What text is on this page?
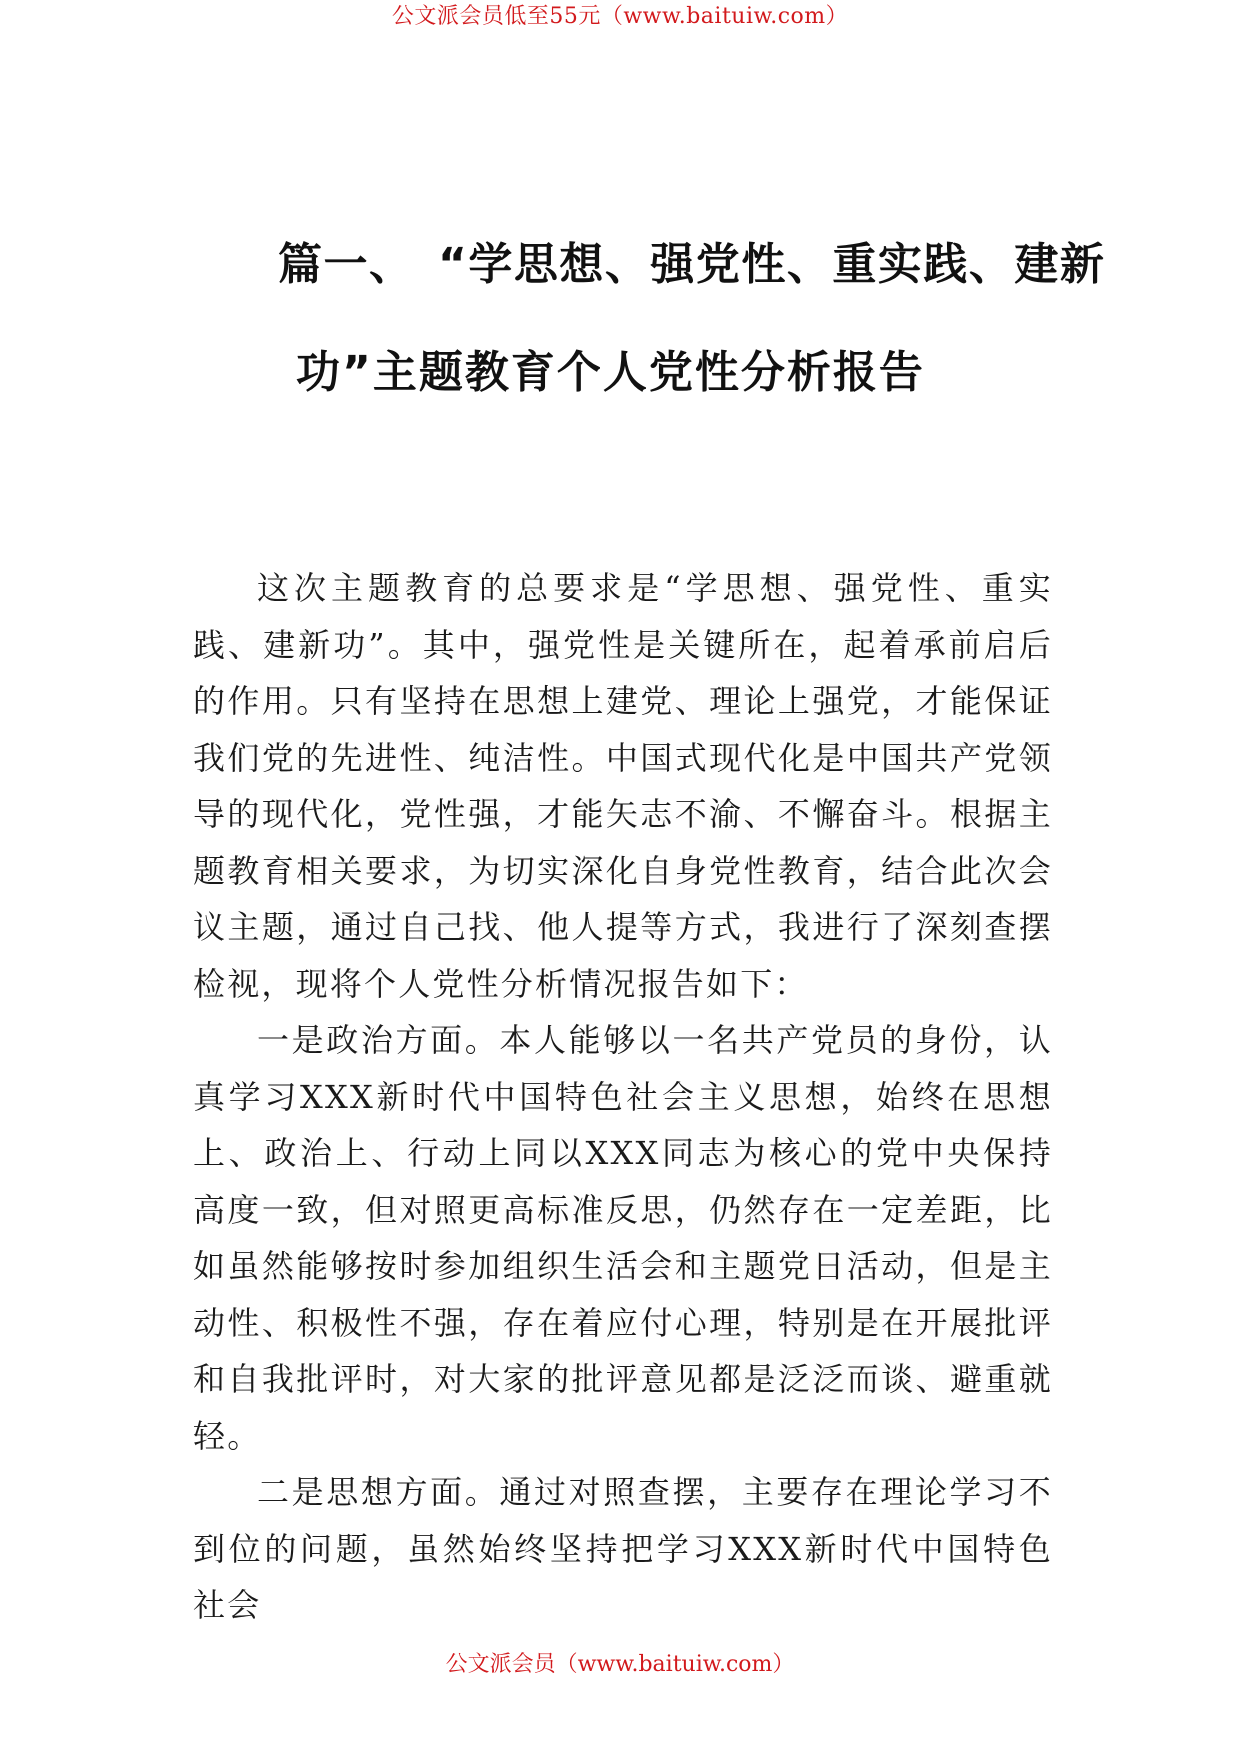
公文派会员低至55元（www.baituiw.com）
篇一、　“学思想、强党性、重实践、建新
功”主题教育个人党性分析报告

这次主题教育的总要求是“学思想、强党性、重实践、建新功”。其中，强党性是关键所在，起着承前启后的作用。只有坚持在思想上建党、理论上强党，才能保证我们党的先进性、纯洁性。中国式现代化是中国共产党领导的现代化，党性强，才能矢志不渝、不懈奋斗。根据主题教育相关要求，为切实深化自身党性教育，结合此次会议主题，通过自己找、他人提等方式，我进行了深刻查摆检视，现将个人党性分析情况报告如下：

一是政治方面。本人能够以一名共产党员的身份，认真学习XXX新时代中国特色社会主义思想，始终在思想上、政治上、行动上同以XXX同志为核心的党中央保持高度一致，但对照更高标准反思，仍然存在一定差距，比如虽然能够按时参加组织生活会和主题党日活动，但是主动性、积极性不强，存在着应付心理，特别是在开展批评和自我批评时，对大家的批评意见都是泛泛而谈、避重就轻。

二是思想方面。通过对照查摆，主要存在理论学习不到位的问题，虽然始终坚持把学习XXX新时代中国特色社会

公文派会员（www.baituiw.com）
